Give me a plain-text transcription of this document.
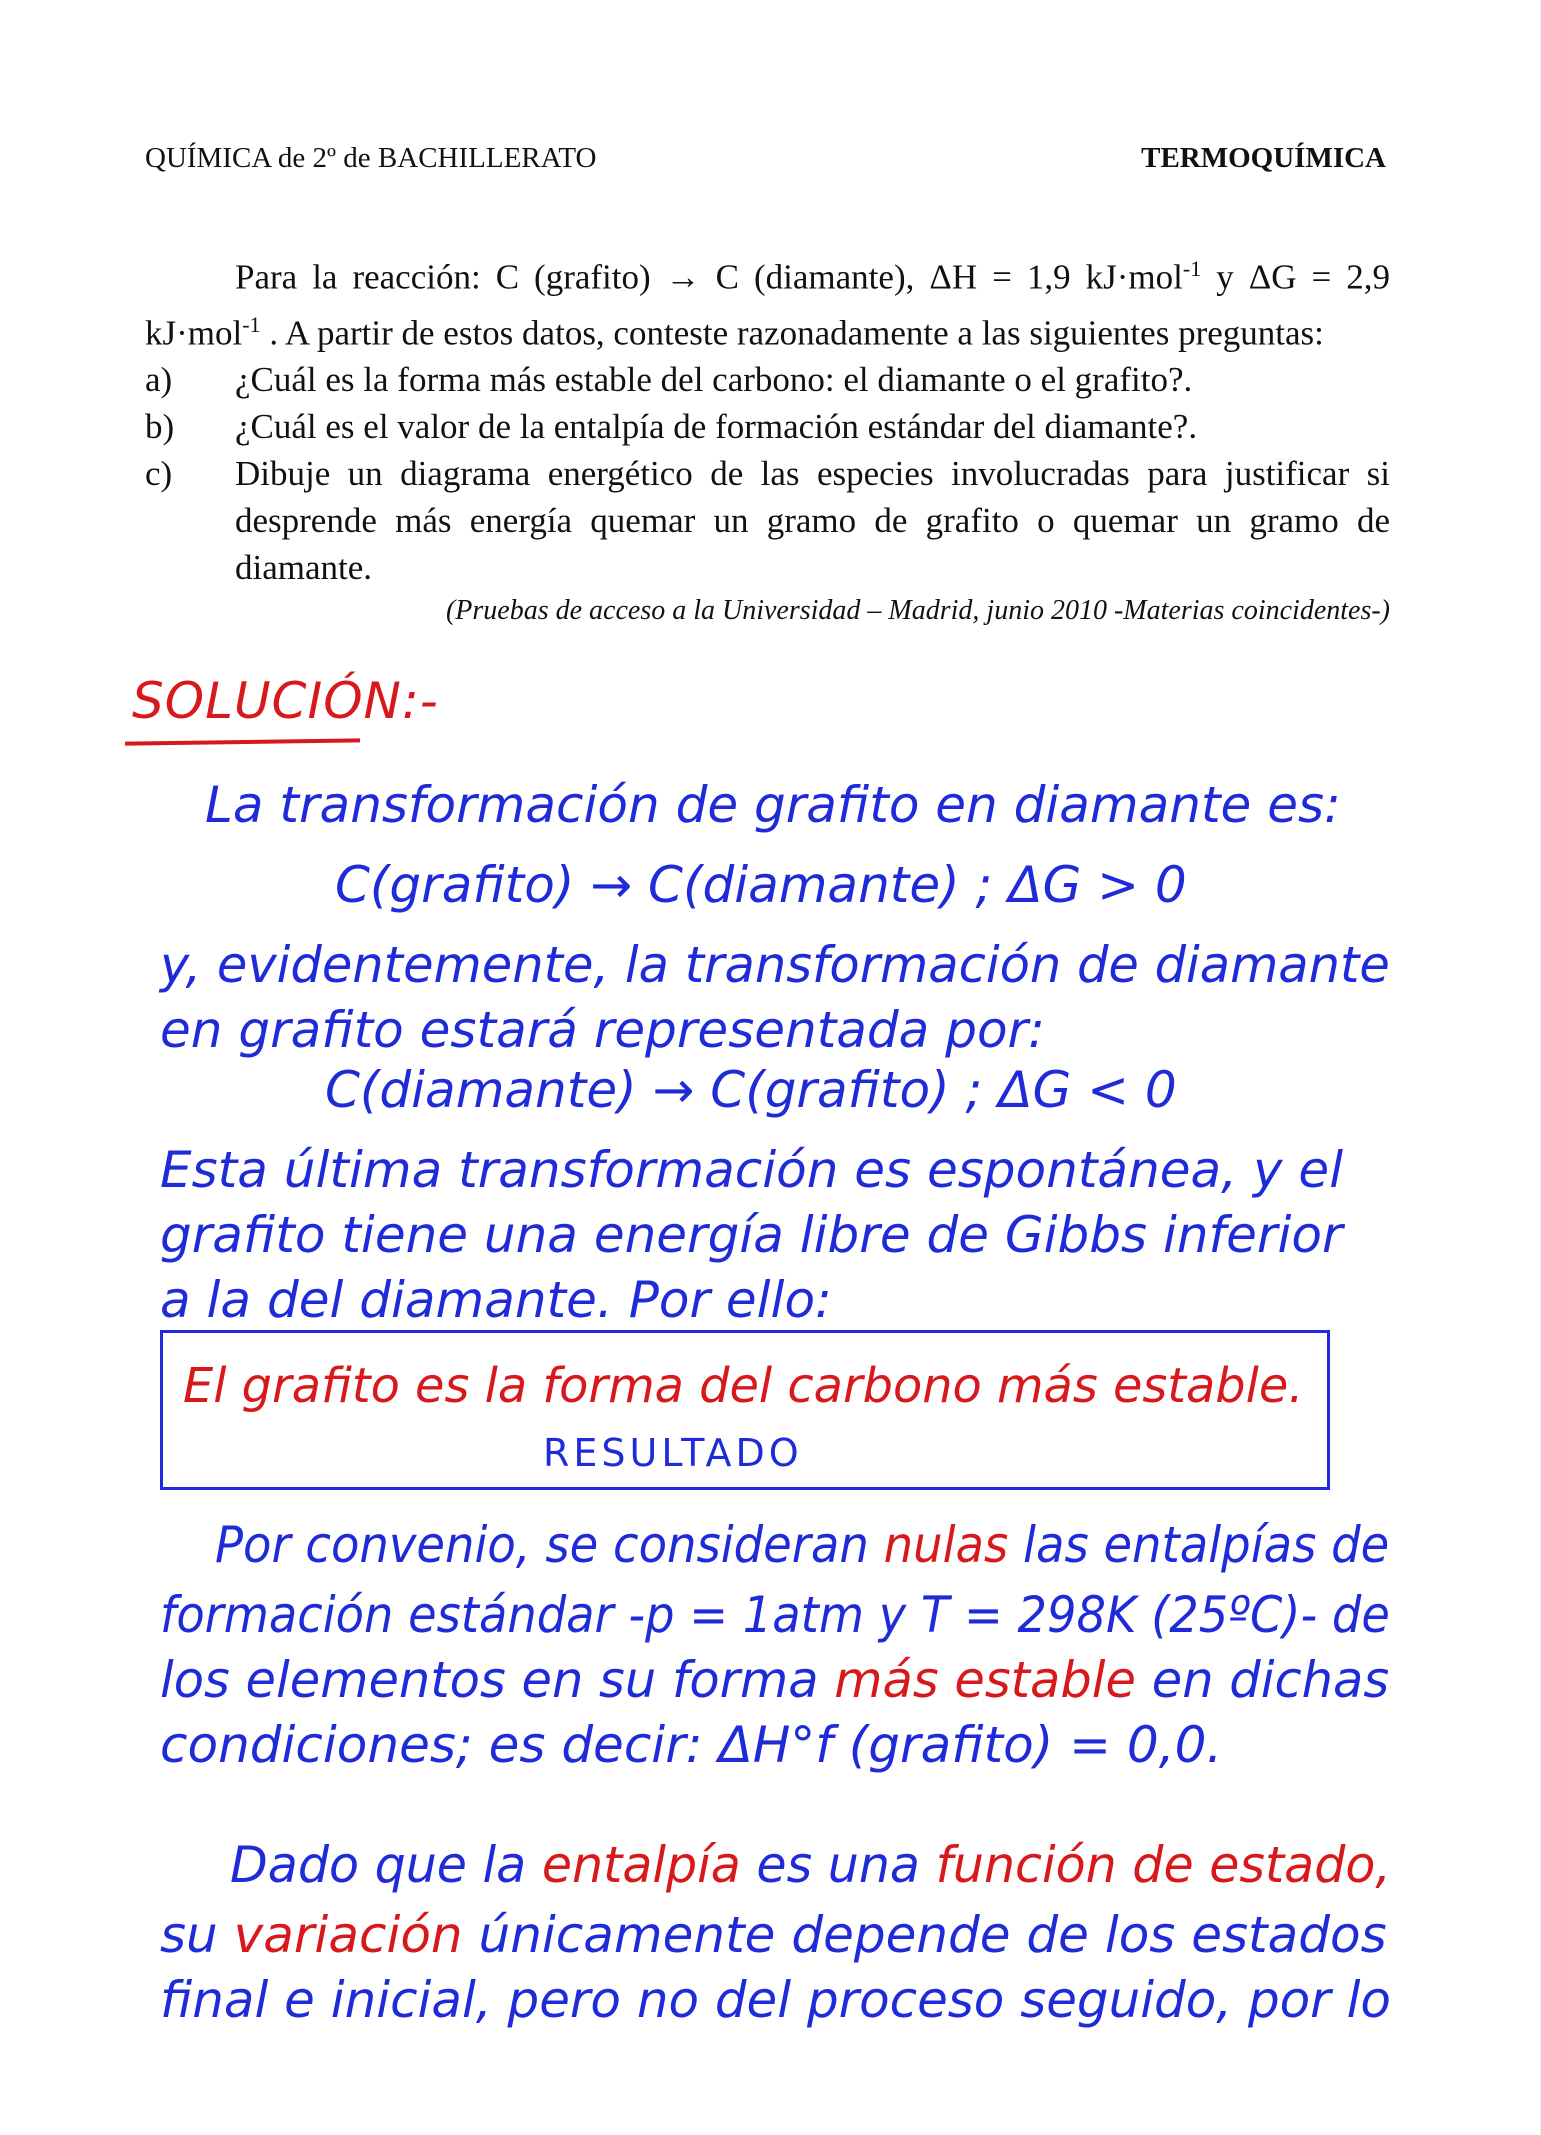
QUÍMICA de 2º de BACHILLERATO	TERMOQUÍMICA

Para la reacción: C (grafito) → C (diamante), ΔH = 1,9 kJ·mol$^{-1}$ y ΔG = 2,9 kJ·mol$^{-1}$ . A partir de estos datos, conteste razonadamente a las siguientes preguntas:

a)	¿Cuál es la forma más estable del carbono: el diamante o el grafito?.
b)	¿Cuál es el valor de la entalpía de formación estándar del diamante?.
c)	Dibuje un diagrama energético de las especies involucradas para justificar si desprende más energía quemar un gramo de grafito o quemar un gramo de diamante.
(Pruebas de acceso a la Universidad – Madrid, junio 2010 -Materias coincidentes-)
SOLUCIÓN:-
La transformación de grafito en diamante es:
C(grafito) → C(diamante) ; ΔG > 0
y, evidentemente, la transformación de diamante
en grafito estará representada por:
C(diamante) → C(grafito) ; ΔG < 0
Esta última transformación es espontánea, y el
grafito tiene una energía libre de Gibbs inferior
a la del diamante. Por ello:
El grafito es la forma del carbono más estable.
RESULTADO
Por convenio, se consideran nulas las entalpías de
formación estándar -p = 1atm y T = 298K (25ºC)- de
los elementos en su forma más estable en dichas
condiciones; es decir: ΔH°f (grafito) = 0,0.
Dado que la entalpía es una función de estado,
su variación únicamente depende de los estados
final e inicial, pero no del proceso seguido, por lo
